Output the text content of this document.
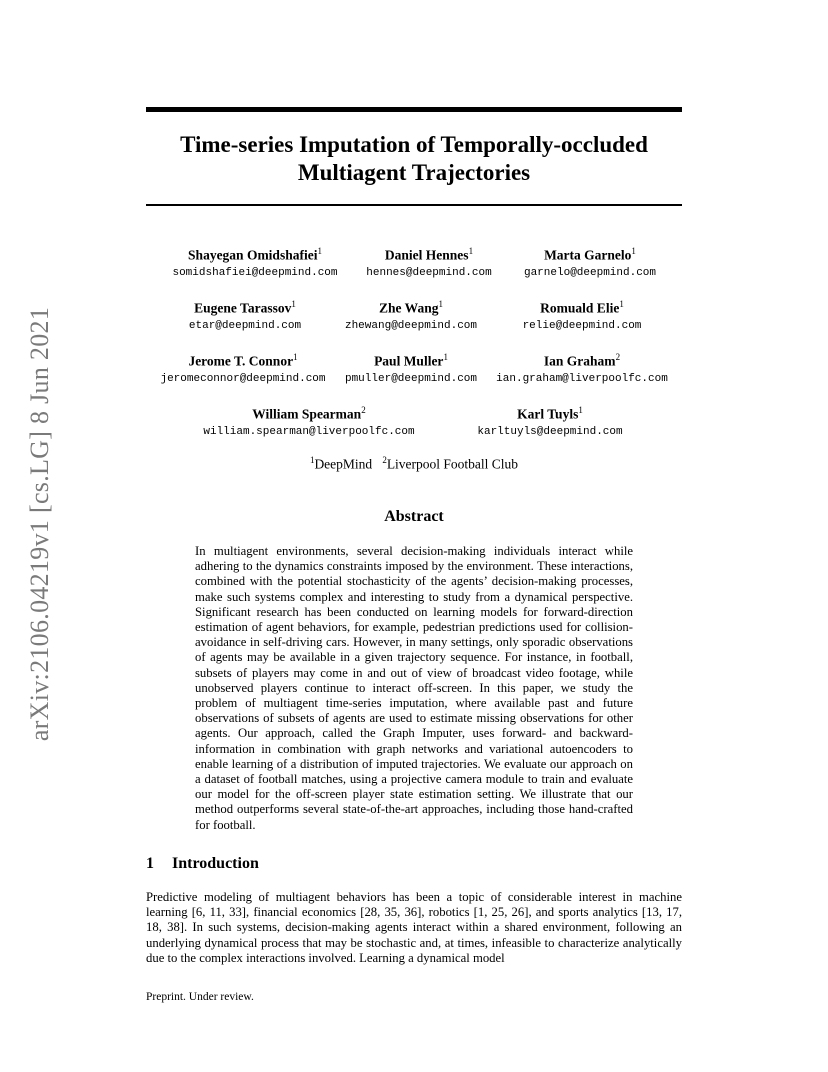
arXiv:2106.04219v1 [cs.LG] 8 Jun 2021
Time-series Imputation of Temporally-occluded
Multiagent Trajectories
Shayegan Omidshafiei$^1$
somidshafiei@deepmind.com
Daniel Hennes$^1$
hennes@deepmind.com
Marta Garnelo$^1$
garnelo@deepmind.com
Eugene Tarassov$^1$
etar@deepmind.com
Zhe Wang$^1$
zhewang@deepmind.com
Romuald Elie$^1$
relie@deepmind.com
Jerome T. Connor$^1$
jeromeconnor@deepmind.com
Paul Muller$^1$
pmuller@deepmind.com
Ian Graham$^2$
ian.graham@liverpoolfc.com
William Spearman$^2$
william.spearman@liverpoolfc.com
Karl Tuyls$^1$
karltuyls@deepmind.com
$^1$DeepMind $^2$Liverpool Football Club
Abstract

In multiagent environments, several decision-making individuals interact while adhering to the dynamics constraints imposed by the environment. These interactions, combined with the potential stochasticity of the agents’ decision-making processes, make such systems complex and interesting to study from a dynamical perspective. Significant research has been conducted on learning models for forward-direction estimation of agent behaviors, for example, pedestrian predictions used for collision-avoidance in self-driving cars. However, in many settings, only sporadic observations of agents may be available in a given trajectory sequence. For instance, in football, subsets of players may come in and out of view of broadcast video footage, while unobserved players continue to interact off-screen. In this paper, we study the problem of multiagent time-series imputation, where available past and future observations of subsets of agents are used to estimate missing observations for other agents. Our approach, called the Graph Imputer, uses forward- and backward-information in combination with graph networks and variational autoencoders to enable learning of a distribution of imputed trajectories. We evaluate our approach on a dataset of football matches, using a projective camera module to train and evaluate our model for the off-screen player state estimation setting. We illustrate that our method outperforms several state-of-the-art approaches, including those hand-crafted for football.

1 Introduction

Predictive modeling of multiagent behaviors has been a topic of considerable interest in machine learning [6, 11, 33], financial economics [28, 35, 36], robotics [1, 25, 26], and sports analytics [13, 17, 18, 38]. In such systems, decision-making agents interact within a shared environment, following an underlying dynamical process that may be stochastic and, at times, infeasible to characterize analytically due to the complex interactions involved. Learning a dynamical model

Preprint. Under review.
